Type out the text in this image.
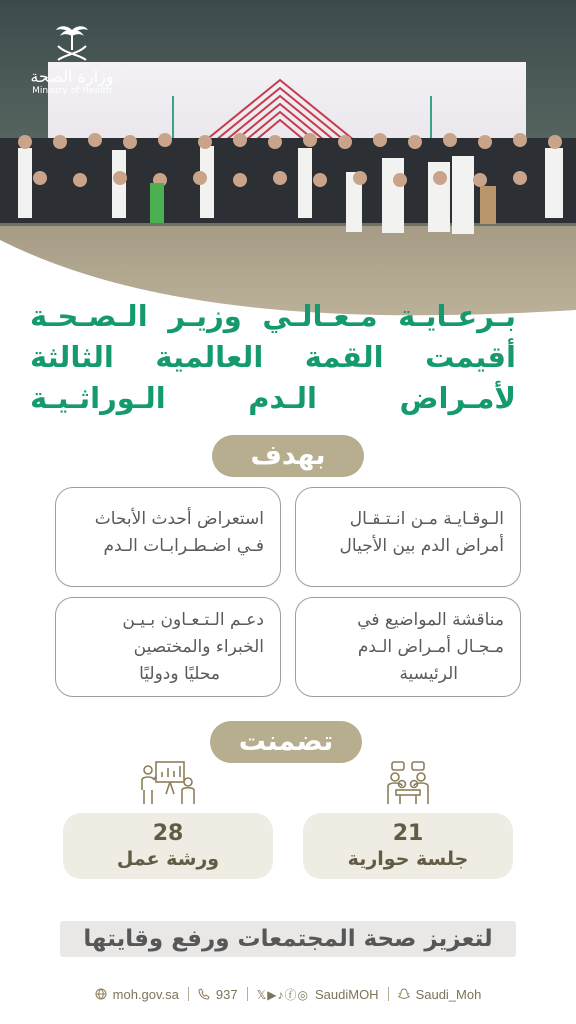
وزارة الصحة
Ministry of Health
بـرعـايـة مـعـالـي وزيـر الـصـحـة
أقيمت القمة العالمية الثالثة
لأمـراض الـدم الـوراثـيـة
بهدف
الـوقـايـة مـن انـتـقـال
أمراض الدم بين الأجيال
استعراض أحدث الأبحاث
فـي اضـطـرابـات الـدم
مناقشة المواضيع في
مـجـال أمـراض الـدم
الرئيسية
دعـم الـتـعـاون بـيـن
الخبراء والمختصين
محليًا ودوليًا
تضمنت
21
جلسة حوارية
28
ورشة عمل
لتعزيز صحة المجتمعات ورفع وقايتها
moh.gov.sa	937 𝕏▶♪ⓕ◎ SaudiMOH	Saudi_Moh
